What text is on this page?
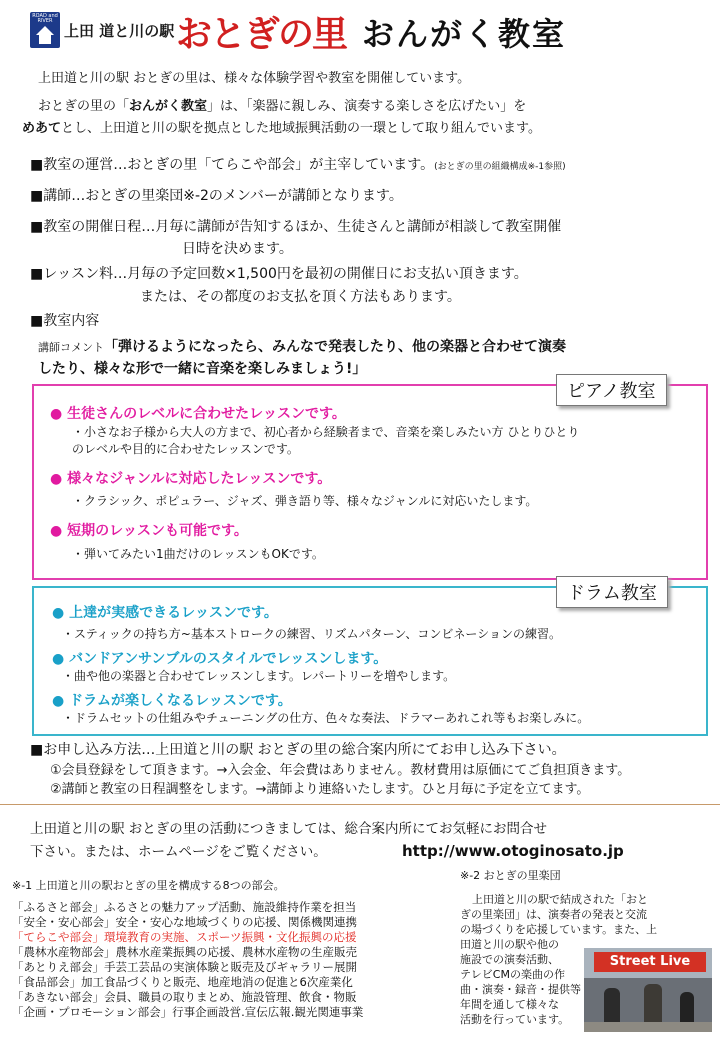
ROAD and RIVER
上田 道と川の駅 おとぎの里 おんがく教室
上田道と川の駅 おとぎの里は、様々な体験学習や教室を開催しています。
おとぎの里の「おんがく教室」は、「楽器に親しみ、演奏する楽しさを広げたい」を
めあてとし、上田道と川の駅を拠点とした地域振興活動の一環として取り組んでいます。
■教室の運営…おとぎの里「てらこや部会」が主宰しています。(おとぎの里の組織構成※-1参照)
■講師…おとぎの里楽団※-2のメンバーが講師となります。
■教室の開催日程…月毎に講師が告知するほか、生徒さんと講師が相談して教室開催
日時を決めます。
■レッスン料…月毎の予定回数×1,500円を最初の開催日にお支払い頂きます。
または、その都度のお支払を頂く方法もあります。
■教室内容
講師コメント「弾けるようになったら、みんなで発表したり、他の楽器と合わせて演奏
したり、様々な形で一緒に音楽を楽しみましょう!」
ピアノ教室
● 生徒さんのレベルに合わせたレッスンです。
・小さなお子様から大人の方まで、初心者から経験者まで、音楽を楽しみたい方 ひとりひとり
のレベルや目的に合わせたレッスンです。
● 様々なジャンルに対応したレッスンです。
・クラシック、ポピュラー、ジャズ、弾き語り等、様々なジャンルに対応いたします。
● 短期のレッスンも可能です。
・弾いてみたい1曲だけのレッスンもOKです。
ドラム教室
● 上達が実感できるレッスンです。
・スティックの持ち方~基本ストロークの練習、リズムパターン、コンビネーションの練習。
● バンドアンサンブルのスタイルでレッスンします。
・曲や他の楽器と合わせてレッスンします。レパートリーを増やします。
● ドラムが楽しくなるレッスンです。
・ドラムセットの仕組みやチューニングの仕方、色々な奏法、ドラマーあれこれ等もお楽しみに。
■お申し込み方法…上田道と川の駅 おとぎの里の総合案内所にてお申し込み下さい。
①会員登録をして頂きます。→入会金、年会費はありません。教材費用は原価にてご負担頂きます。
②講師と教室の日程調整をします。→講師より連絡いたします。ひと月毎に予定を立てます。
上田道と川の駅 おとぎの里の活動につきましては、総合案内所にてお気軽にお問合せ
下さい。または、ホームページをご覧ください。	http://www.otoginosato.jp
※-1 上田道と川の駅おとぎの里を構成する8つの部会。
「ふるさと部会」ふるさとの魅力アップ活動、施設維持作業を担当
「安全・安心部会」安全・安心な地域づくりの応援、関係機関連携
「てらこや部会」環境教育の実施、スポーツ振興・文化振興の応援
「農林水産物部会」農林水産業振興の応援、農林水産物の生産販売
「あとりえ部会」手芸工芸品の実演体験と販売及びギャラリー展開
「食品部会」加工食品づくりと販売、地産地消の促進と6次産業化
「あきない部会」会員、職員の取りまとめ、施設管理、飲食・物販
「企画・プロモーション部会」行事企画設営.宣伝広報.観光関連事業
※-2 おとぎの里楽団
上田道と川の駅で結成された「おと
ぎの里楽団」は、演奏者の発表と交流
の場づくりを応援しています。また、上
田道と川の駅や他の
施設での演奏活動、
テレビCMの楽曲の作
曲・演奏・録音・提供等
年間を通して様々な
活動を行っています。
Street Live
